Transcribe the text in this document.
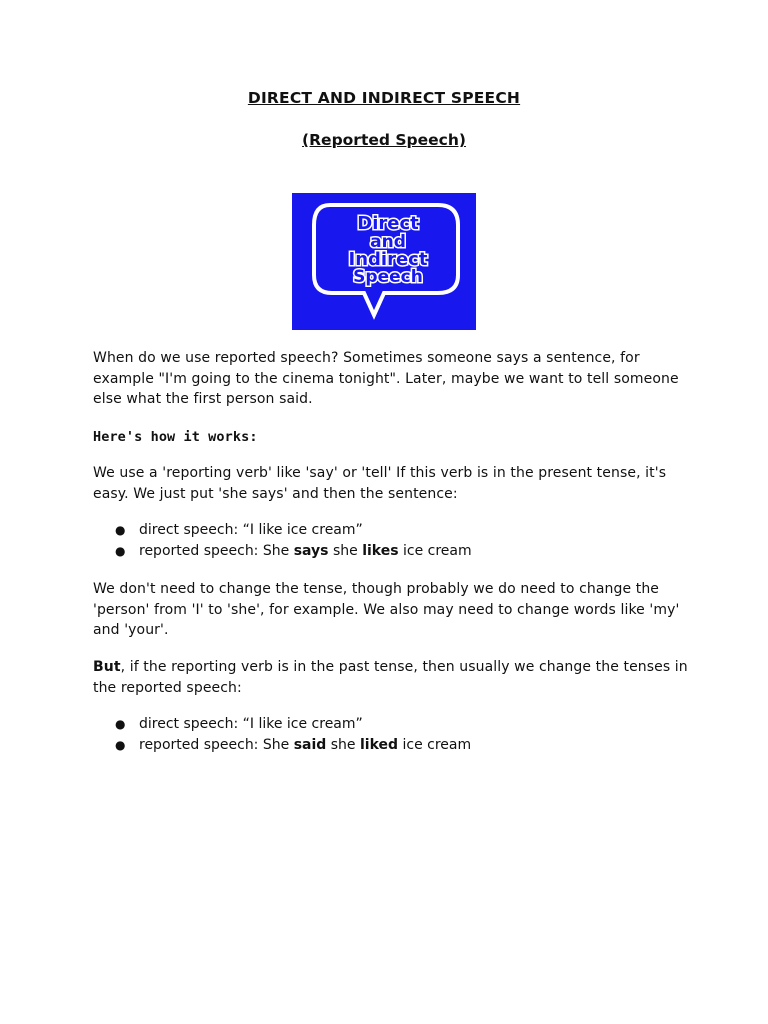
DIRECT AND INDIRECT SPEECH
(Reported Speech)
Direct
and
Indirect
Speech
When do we use reported speech? Sometimes someone says a sentence, for example "I'm going to the cinema tonight". Later, maybe we want to tell someone else what the first person said.
Here's how it works:
We use a 'reporting verb' like 'say' or 'tell' If this verb is in the present tense, it's easy. We just put 'she says' and then the sentence:
● direct speech: “I like ice cream”
● reported speech: She says she likes ice cream
We don't need to change the tense, though probably we do need to change the 'person' from 'I' to 'she', for example. We also may need to change words like 'my' and 'your'.
But, if the reporting verb is in the past tense, then usually we change the tenses in the reported speech:
● direct speech: “I like ice cream”
● reported speech: She said she liked ice cream
